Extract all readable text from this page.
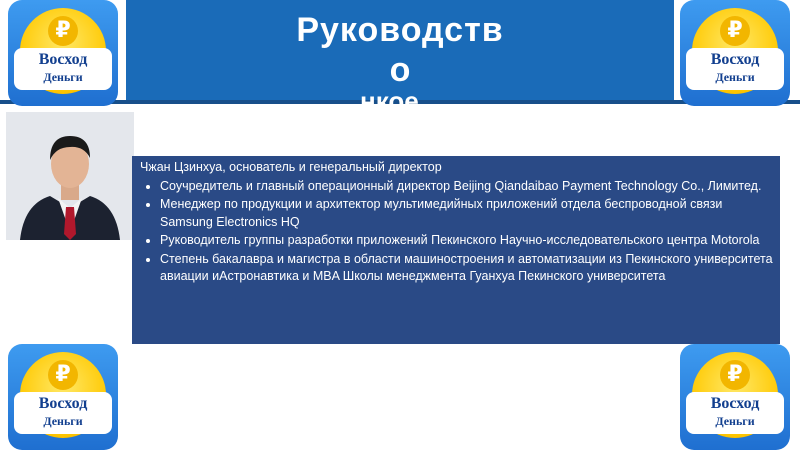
Руководств
о
нкое
₽
Восход
Деньги
₽
Восход
Деньги
₽
Восход
Деньги
₽
Восход
Деньги
Чжан Цзинхуа, основатель и генеральный директор
• Соучредитель и главный операционный директор Beijing Qiandaibao Payment Technology Co., Лимитед.
• Менеджер по продукции и архитектор мультимедийных приложений отдела беспроводной связи Samsung Electronics HQ
• Руководитель группы разработки приложений Пекинского Научно-исследовательского центра Motorola
• Степень бакалавра и магистра в области машиностроения и автоматизации из Пекинского университета авиации иАстронавтика и MBA Школы менеджмента Гуанхуа Пекинского университета
